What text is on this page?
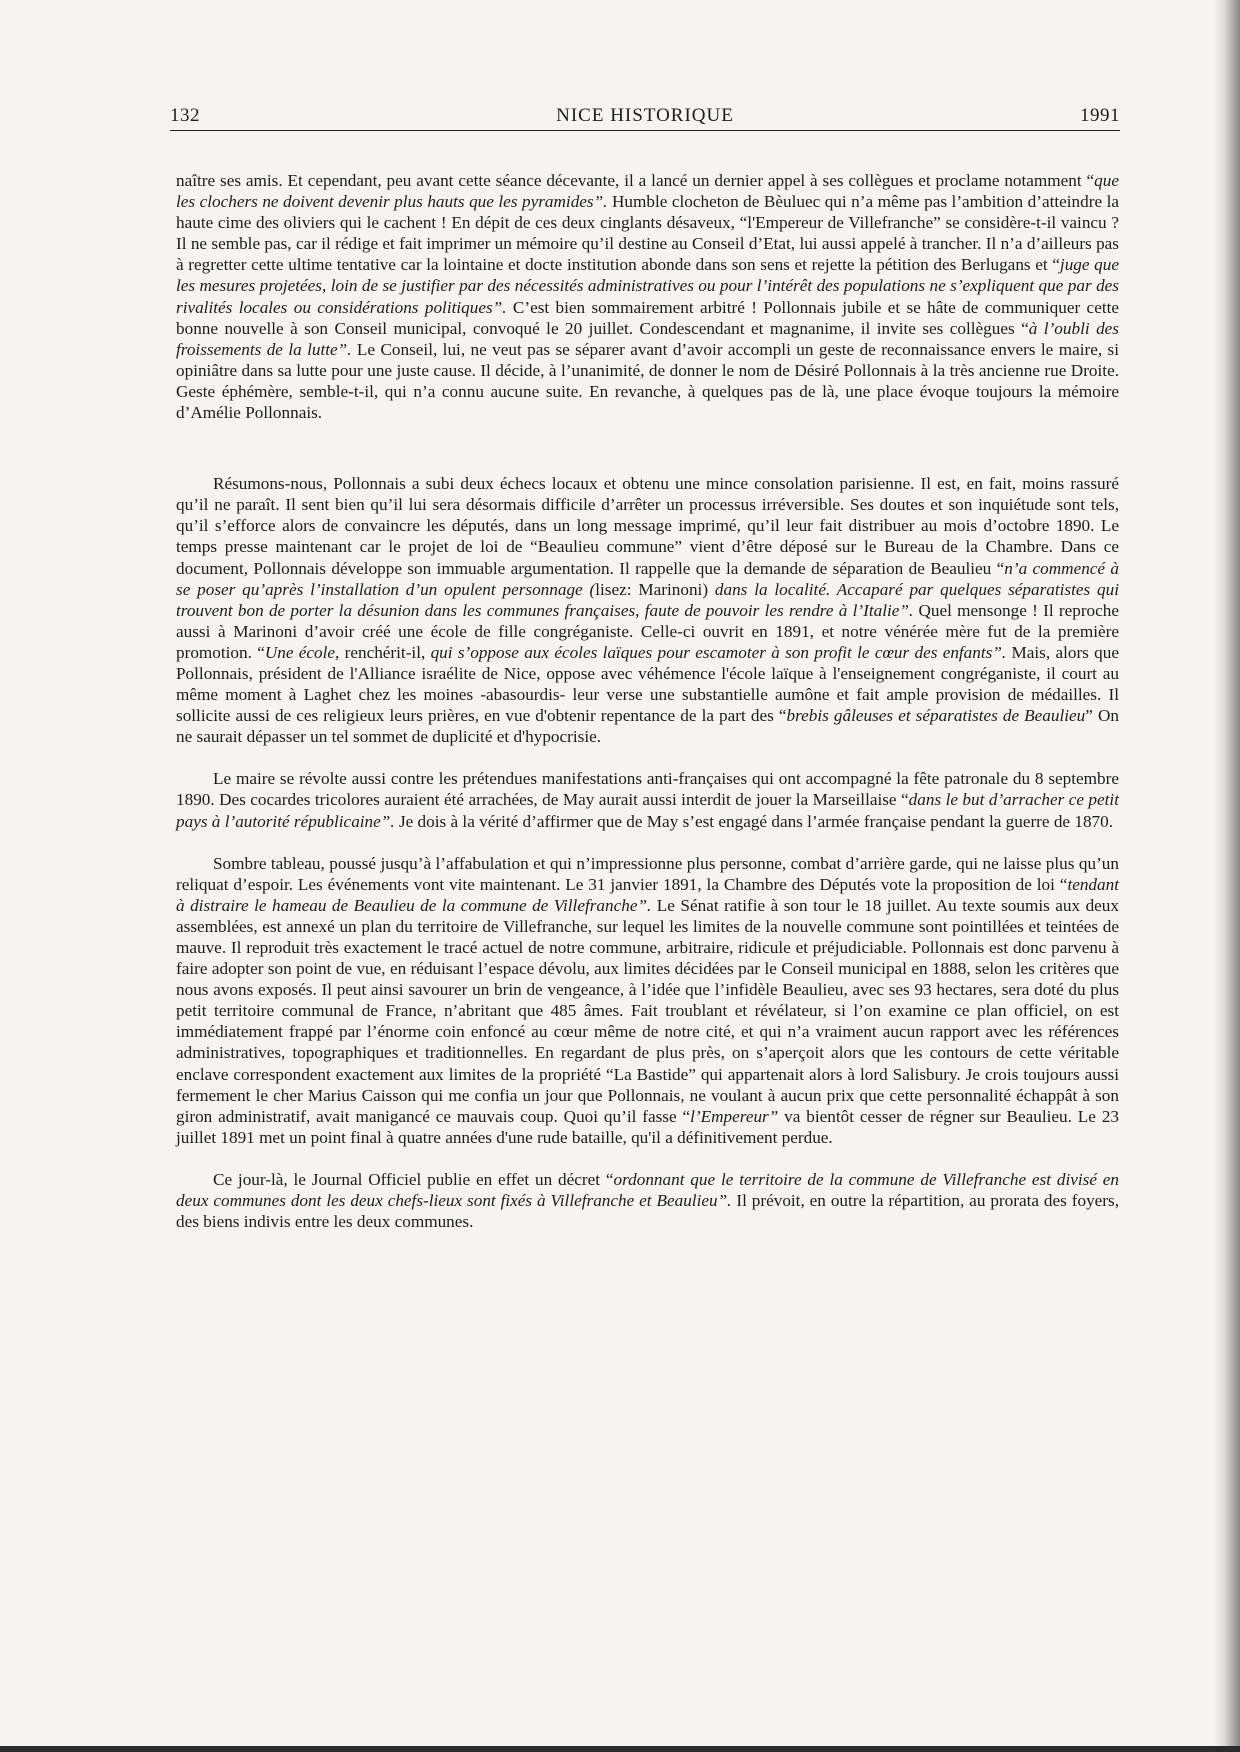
132	NICE HISTORIQUE	1991

naître ses amis. Et cependant, peu avant cette séance décevante, il a lancé un dernier appel à ses collègues et proclame notamment “que les clochers ne doivent devenir plus hauts que les pyramides”. Humble clocheton de Bèuluec qui n’a même pas l’ambition d’atteindre la haute cime des oliviers qui le cachent ! En dépit de ces deux cinglants désaveux, “l'Empereur de Villefranche” se considère-t-il vaincu ? Il ne semble pas, car il rédige et fait imprimer un mémoire qu’il destine au Conseil d’Etat, lui aussi appelé à trancher. Il n’a d’ailleurs pas à regretter cette ultime tentative car la lointaine et docte institution abonde dans son sens et rejette la pétition des Berlugans et “juge que les mesures projetées, loin de se justifier par des nécessités administratives ou pour l’intérêt des populations ne s’expliquent que par des rivalités locales ou considérations politiques”. C’est bien sommairement arbitré ! Pollonnais jubile et se hâte de communiquer cette bonne nouvelle à son Conseil municipal, convoqué le 20 juillet. Condescendant et magnanime, il invite ses collègues “à l’oubli des froissements de la lutte”. Le Conseil, lui, ne veut pas se séparer avant d’avoir accompli un geste de reconnaissance envers le maire, si opiniâtre dans sa lutte pour une juste cause. Il décide, à l’unanimité, de donner le nom de Désiré Pollonnais à la très ancienne rue Droite. Geste éphémère, semble-t-il, qui n’a connu aucune suite. En revanche, à quelques pas de là, une place évoque toujours la mémoire d’Amélie Pollonnais.

Résumons-nous, Pollonnais a subi deux échecs locaux et obtenu une mince consolation parisienne. Il est, en fait, moins rassuré qu’il ne paraît. Il sent bien qu’il lui sera désormais difficile d’arrêter un processus irréversible. Ses doutes et son inquiétude sont tels, qu’il s’efforce alors de convaincre les députés, dans un long message imprimé, qu’il leur fait distribuer au mois d’octobre 1890. Le temps presse maintenant car le projet de loi de “Beaulieu commune” vient d’être déposé sur le Bureau de la Chambre. Dans ce document, Pollonnais développe son immuable argumentation. Il rappelle que la demande de séparation de Beaulieu “n’a commencé à se poser qu’après l’installation d’un opulent personnage (lisez: Marinoni) dans la localité. Accaparé par quelques séparatistes qui trouvent bon de porter la désunion dans les communes françaises, faute de pouvoir les rendre à l’Italie”. Quel mensonge ! Il reproche aussi à Marinoni d’avoir créé une école de fille congréganiste. Celle-ci ouvrit en 1891, et notre vénérée mère fut de la première promotion. “Une école, renchérit-il, qui s’oppose aux écoles laïques pour escamoter à son profit le cœur des enfants”. Mais, alors que Pollonnais, président de l'Alliance israélite de Nice, oppose avec véhémence l'école laïque à l'enseignement congréganiste, il court au même moment à Laghet chez les moines -abasourdis- leur verse une substantielle aumône et fait ample provision de médailles. Il sollicite aussi de ces religieux leurs prières, en vue d'obtenir repentance de la part des “brebis gâleuses et séparatistes de Beaulieu” On ne saurait dépasser un tel sommet de duplicité et d'hypocrisie.

Le maire se révolte aussi contre les prétendues manifestations anti-françaises qui ont accompagné la fête patronale du 8 septembre 1890. Des cocardes tricolores auraient été arrachées, de May aurait aussi interdit de jouer la Marseillaise “dans le but d’arracher ce petit pays à l’autorité républicaine”. Je dois à la vérité d’affirmer que de May s’est engagé dans l’armée française pendant la guerre de 1870.

Sombre tableau, poussé jusqu’à l’affabulation et qui n’impressionne plus personne, combat d’arrière garde, qui ne laisse plus qu’un reliquat d’espoir. Les événements vont vite maintenant. Le 31 janvier 1891, la Chambre des Députés vote la proposition de loi “tendant à distraire le hameau de Beaulieu de la commune de Villefranche”. Le Sénat ratifie à son tour le 18 juillet. Au texte soumis aux deux assemblées, est annexé un plan du territoire de Villefranche, sur lequel les limites de la nouvelle commune sont pointillées et teintées de mauve. Il reproduit très exactement le tracé actuel de notre commune, arbitraire, ridicule et préjudiciable. Pollonnais est donc parvenu à faire adopter son point de vue, en réduisant l’espace dévolu, aux limites décidées par le Conseil municipal en 1888, selon les critères que nous avons exposés. Il peut ainsi savourer un brin de vengeance, à l’idée que l’infidèle Beaulieu, avec ses 93 hectares, sera doté du plus petit territoire communal de France, n’abritant que 485 âmes. Fait troublant et révélateur, si l’on examine ce plan officiel, on est immédiatement frappé par l’énorme coin enfoncé au cœur même de notre cité, et qui n’a vraiment aucun rapport avec les références administratives, topographiques et traditionnelles. En regardant de plus près, on s’aperçoit alors que les contours de cette véritable enclave correspondent exactement aux limites de la propriété “La Bastide” qui appartenait alors à lord Salisbury. Je crois toujours aussi fermement le cher Marius Caisson qui me confia un jour que Pollonnais, ne voulant à aucun prix que cette personnalité échappât à son giron administratif, avait manigancé ce mauvais coup. Quoi qu’il fasse “l’Empereur” va bientôt cesser de régner sur Beaulieu. Le 23 juillet 1891 met un point final à quatre années d'une rude bataille, qu'il a définitivement perdue.

Ce jour-là, le Journal Officiel publie en effet un décret “ordonnant que le territoire de la commune de Villefranche est divisé en deux communes dont les deux chefs-lieux sont fixés à Villefranche et Beaulieu”. Il prévoit, en outre la répartition, au prorata des foyers, des biens indivis entre les deux communes.
